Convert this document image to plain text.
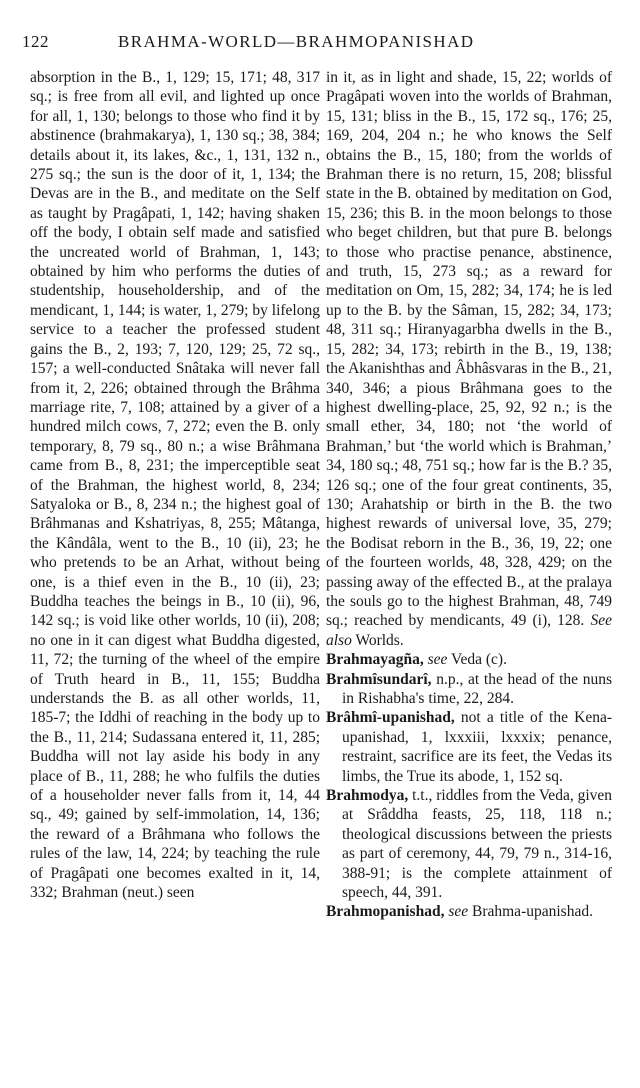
122	BRAHMA-WORLD—BRAHMOPANISHAD

absorption in the B., 1, 129; 15, 171; 48, 317 sq.; is free from all evil, and lighted up once for all, 1, 130; belongs to those who find it by abstinence (brahmakarya), 1, 130 sq.; 38, 384; details about it, its lakes, &c., 1, 131, 132 n., 275 sq.; the sun is the door of it, 1, 134; the Devas are in the B., and meditate on the Self as taught by Pragâpati, 1, 142; having shaken off the body, I obtain self made and satisfied the uncreated world of Brahman, 1, 143; obtained by him who performs the duties of studentship, householdership, and of the mendicant, 1, 144; is water, 1, 279; by lifelong service to a teacher the professed student gains the B., 2, 193; 7, 120, 129; 25, 72 sq., 157; a well-conducted Snâtaka will never fall from it, 2, 226; obtained through the Brâhma marriage rite, 7, 108; attained by a giver of a hundred milch cows, 7, 272; even the B. only temporary, 8, 79 sq., 80 n.; a wise Brâhmana came from B., 8, 231; the imperceptible seat of the Brahman, the highest world, 8, 234; Satyaloka or B., 8, 234 n.; the highest goal of Brâhmanas and Kshatriyas, 8, 255; Mâtanga, the Kândâla, went to the B., 10 (ii), 23; he who pretends to be an Arhat, without being one, is a thief even in the B., 10 (ii), 23; Buddha teaches the beings in B., 10 (ii), 96, 142 sq.; is void like other worlds, 10 (ii), 208; no one in it can digest what Buddha digested, 11, 72; the turning of the wheel of the empire of Truth heard in B., 11, 155; Buddha understands the B. as all other worlds, 11, 185-7; the Iddhi of reaching in the body up to the B., 11, 214; Sudassana entered it, 11, 285; Buddha will not lay aside his body in any place of B., 11, 288; he who fulfils the duties of a householder never falls from it, 14, 44 sq., 49; gained by self-immolation, 14, 136; the reward of a Brâhmana who follows the rules of the law, 14, 224; by teaching the rule of Pragâpati one becomes exalted in it, 14, 332; Brahman (neut.) seen

in it, as in light and shade, 15, 22; worlds of Pragâpati woven into the worlds of Brahman, 15, 131; bliss in the B., 15, 172 sq., 176; 25, 169, 204, 204 n.; he who knows the Self obtains the B., 15, 180; from the worlds of Brahman there is no return, 15, 208; blissful state in the B. obtained by meditation on God, 15, 236; this B. in the moon belongs to those who beget children, but that pure B. belongs to those who practise penance, abstinence, and truth, 15, 273 sq.; as a reward for meditation on Om, 15, 282; 34, 174; he is led up to the B. by the Sâman, 15, 282; 34, 173; 48, 311 sq.; Hiranyagarbha dwells in the B., 15, 282; 34, 173; rebirth in the B., 19, 138; the Akanishthas and Âbhâsvaras in the B., 21, 340, 346; a pious Brâhmana goes to the highest dwelling-place, 25, 92, 92 n.; is the small ether, 34, 180; not ‘the world of Brahman,’ but ‘the world which is Brahman,’ 34, 180 sq.; 48, 751 sq.; how far is the B.? 35, 126 sq.; one of the four great continents, 35, 130; Arahatship or birth in the B. the two highest rewards of universal love, 35, 279; the Bodisat reborn in the B., 36, 19, 22; one of the fourteen worlds, 48, 328, 429; on the passing away of the effected B., at the pralaya the souls go to the highest Brahman, 48, 749 sq.; reached by mendicants, 49 (i), 128. See also Worlds.

Brahmayagña, see Veda (c).

Brahmîsundarî, n.p., at the head of the nuns in Rishabha's time, 22, 284.

Brâhmî-upanishad, not a title of the Kena-upanishad, 1, lxxxiii, lxxxix; penance, restraint, sacrifice are its feet, the Vedas its limbs, the True its abode, 1, 152 sq.

Brahmodya, t.t., riddles from the Veda, given at Srâddha feasts, 25, 118, 118 n.; theological discussions between the priests as part of ceremony, 44, 79, 79 n., 314-16, 388-91; is the complete attainment of speech, 44, 391.

Brahmopanishad, see Brahma-upanishad.
